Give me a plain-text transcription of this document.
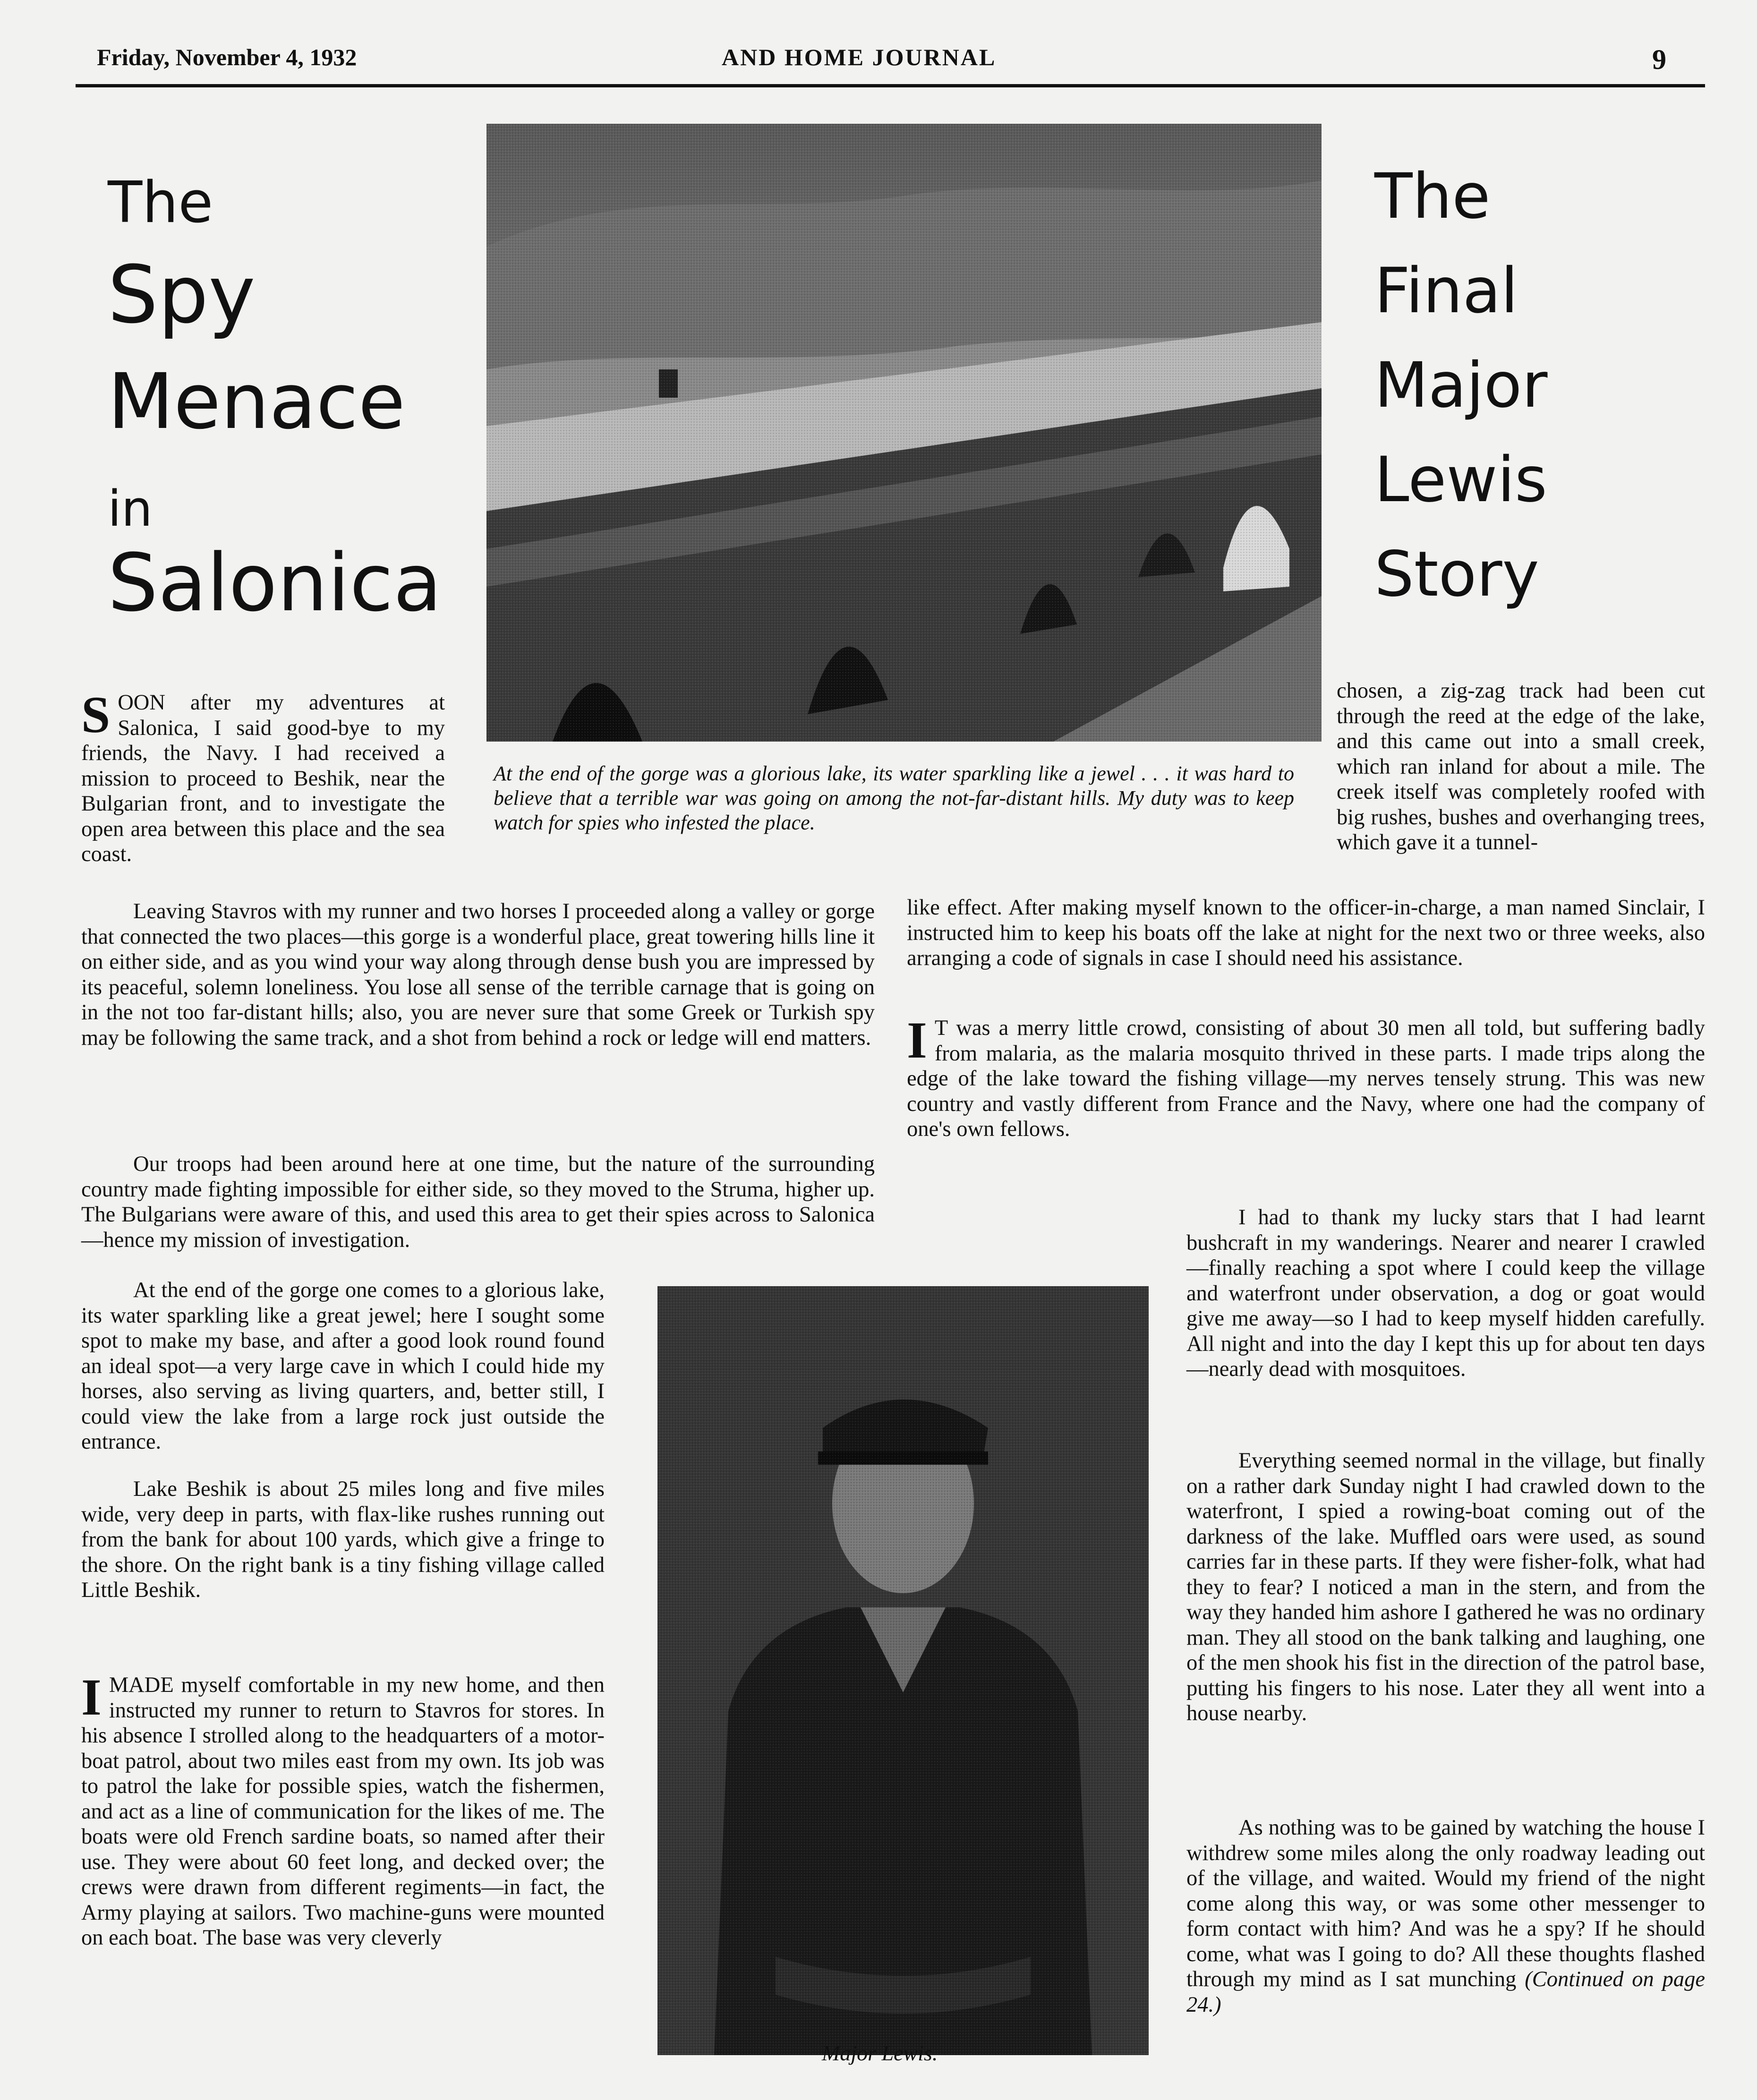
Friday, November 4, 1932	AND HOME JOURNAL	9
The
Spy
Menace
in
Salonica
The
Final
Major
Lewis
Story

At the end of the gorge was a glorious lake, its water sparkling like a jewel . . . it was hard to believe that a terrible war was going on among the not-far-distant hills. My duty was to keep watch for spies who infested the place.

Major Lewis.

SOON after my adventures at Salonica, I said good-bye to my friends, the Navy. I had received a mission to proceed to Beshik, near the Bulgarian front, and to investigate the open area between this place and the sea coast.

Leaving Stavros with my runner and two horses I proceeded along a valley or gorge that connected the two places—this gorge is a wonderful place, great towering hills line it on either side, and as you wind your way along through dense bush you are impressed by its peaceful, solemn loneliness. You lose all sense of the terrible carnage that is going on in the not too far-distant hills; also, you are never sure that some Greek or Turkish spy may be following the same track, and a shot from behind a rock or ledge will end matters.

Our troops had been around here at one time, but the nature of the surrounding country made fighting impossible for either side, so they moved to the Struma, higher up. The Bulgarians were aware of this, and used this area to get their spies across to Salonica—hence my mission of investigation.

At the end of the gorge one comes to a glorious lake, its water sparkling like a great jewel; here I sought some spot to make my base, and after a good look round found an ideal spot—a very large cave in which I could hide my horses, also serving as living quarters, and, better still, I could view the lake from a large rock just outside the entrance.

Lake Beshik is about 25 miles long and five miles wide, very deep in parts, with flax-like rushes running out from the bank for about 100 yards, which give a fringe to the shore. On the right bank is a tiny fishing village called Little Beshik.

IMADE myself comfortable in my new home, and then instructed my runner to return to Stavros for stores. In his absence I strolled along to the headquarters of a motor-boat patrol, about two miles east from my own. Its job was to patrol the lake for possible spies, watch the fishermen, and act as a line of communication for the likes of me. The boats were old French sardine boats, so named after their use. They were about 60 feet long, and decked over; the crews were drawn from different regiments—in fact, the Army playing at sailors. Two machine-guns were mounted on each boat. The base was very cleverly

chosen, a zig-zag track had been cut through the reed at the edge of the lake, and this came out into a small creek, which ran inland for about a mile. The creek itself was completely roofed with big rushes, bushes and overhanging trees, which gave it a tunnel-

like effect. After making myself known to the officer-in-charge, a man named Sinclair, I instructed him to keep his boats off the lake at night for the next two or three weeks, also arranging a code of signals in case I should need his assistance.

I T was a merry little crowd, consisting of about 30 men all told, but suffering badly from malaria, as the malaria mosquito thrived in these parts. I made trips along the edge of the lake toward the fishing village—my nerves tensely strung. This was new country and vastly different from France and the Navy, where one had the company of one's own fellows.

I had to thank my lucky stars that I had learnt bushcraft in my wanderings. Nearer and nearer I crawled—finally reaching a spot where I could keep the village and waterfront under observation, a dog or goat would give me away—so I had to keep myself hidden carefully. All night and into the day I kept this up for about ten days—nearly dead with mosquitoes.

Everything seemed normal in the village, but finally on a rather dark Sunday night I had crawled down to the waterfront, I spied a rowing-boat coming out of the darkness of the lake. Muffled oars were used, as sound carries far in these parts. If they were fisher-folk, what had they to fear? I noticed a man in the stern, and from the way they handed him ashore I gathered he was no ordinary man. They all stood on the bank talking and laughing, one of the men shook his fist in the direction of the patrol base, putting his fingers to his nose. Later they all went into a house nearby.

As nothing was to be gained by watching the house I withdrew some miles along the only roadway leading out of the village, and waited. Would my friend of the night come along this way, or was some other messenger to form contact with him? And was he a spy? If he should come, what was I going to do? All these thoughts flashed through my mind as I sat munching (Continued on page 24.)
